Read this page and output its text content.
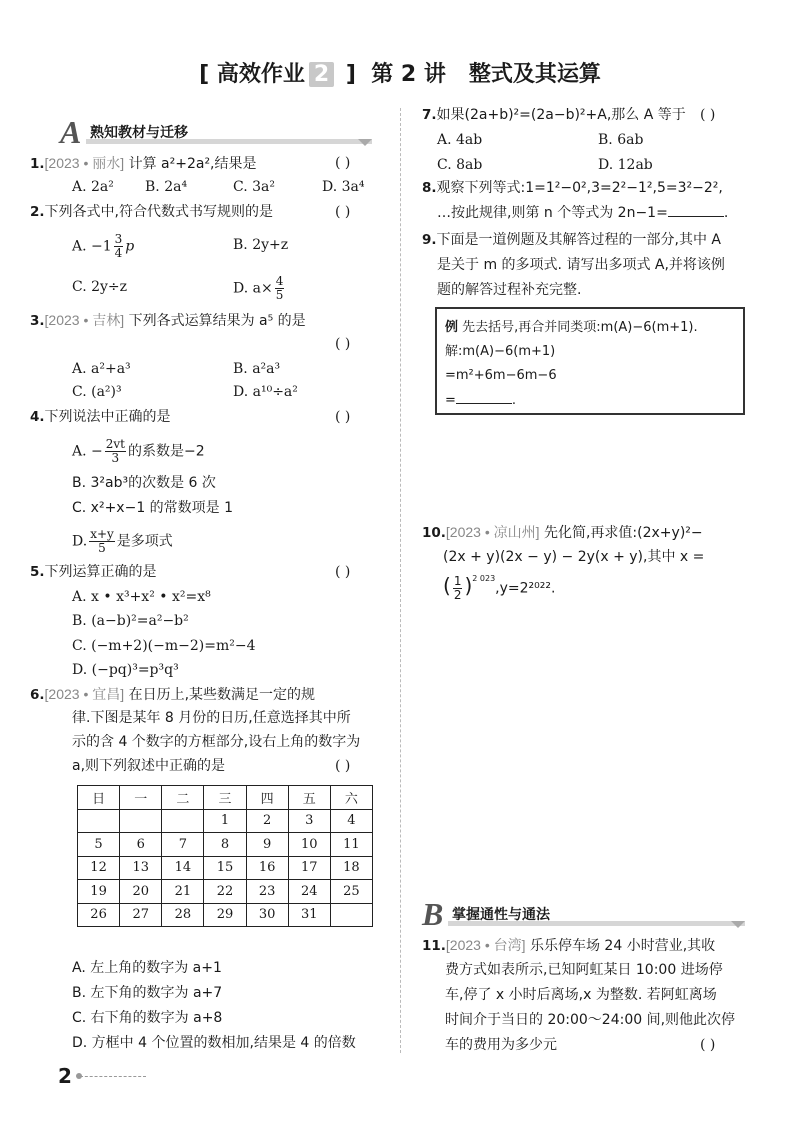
[ 高效作业 2 ] 第 2 讲 整式及其运算
A 熟知教材与迁移
1.[2023 • 丽水] 计算 a²+2a²,结果是	( )
A. 2a² B. 2a⁴	C. 3a²	D. 3a⁴
2.下列各式中,符合代数式书写规则的是	( )
A. $-1 \frac{3}{4}$ p	B. 2y+z
C. 2y÷z	D. $a\times \frac{4}{5}$
3.[2023 • 吉林] 下列各式运算结果为 a⁵ 的是
( )
A. a²+a³	B. a²a³
C. (a²)³	D. a¹⁰÷a²
4.下列说法中正确的是	( )
A. − $\frac{2vt}{3}$ 的系数是−2
B. 3²ab³的次数是 6 次
C. x²+x−1 的常数项是 1
D. $\frac{x+y}{5}$ 是多项式
5.下列运算正确的是	( )
A. x • x³+x² • x²=x⁸
B. (a−b)²=a²−b²
C. (−m+2)(−m−2)=m²−4
D. (−pq)³=p³q³
6.[2023 • 宜昌] 在日历上,某些数满足一定的规
律.下图是某年 8 月份的日历,任意选择其中所
示的含 4 个数字的方框部分,设右上角的数字为
a,则下列叙述中正确的是	( )
日	一	二	三	四	五	六
			1	2	3	4
5	6	7	8	9	10	11
12	13	14	15	16	17	18
19	20	21	22	23	24	25
26	27	28	29	30	31	
A. 左上角的数字为 a+1
B. 左下角的数字为 a+7
C. 右下角的数字为 a+8
D. 方框中 4 个位置的数相加,结果是 4 的倍数
7.如果(2a+b)²=(2a−b)²+A,那么 A 等于 ( )
A. 4ab	B. 6ab
C. 8ab	D. 12ab
8.观察下列等式:1=1²−0²,3=2²−1²,5=3²−2²,
…按此规律,则第 n 个等式为 2n−1=	.
9.下面是一道例题及其解答过程的一部分,其中 A
是关于 m 的多项式. 请写出多项式 A,并将该例
题的解答过程补充完整.
例 先去括号,再合并同类项:m(A)−6(m+1).
解:m(A)−6(m+1)
=m²+6m−6m−6
=	.
10.[2023 • 凉山州] 先化简,再求值:(2x+y)²−
(2x + y)(2x − y) − 2y(x + y),其中 x =
( $\frac{1}{2} )^{2 023},y=2^{2022}$.
B 掌握通性与通法
11.[2023 • 台湾] 乐乐停车场 24 小时营业,其收
费方式如表所示,已知阿虹某日 10:00 进场停
车,停了 x 小时后离场,x 为整数. 若阿虹离场
时间介于当日的 20:00～24:00 间,则他此次停
车的费用为多少元	( )
2
